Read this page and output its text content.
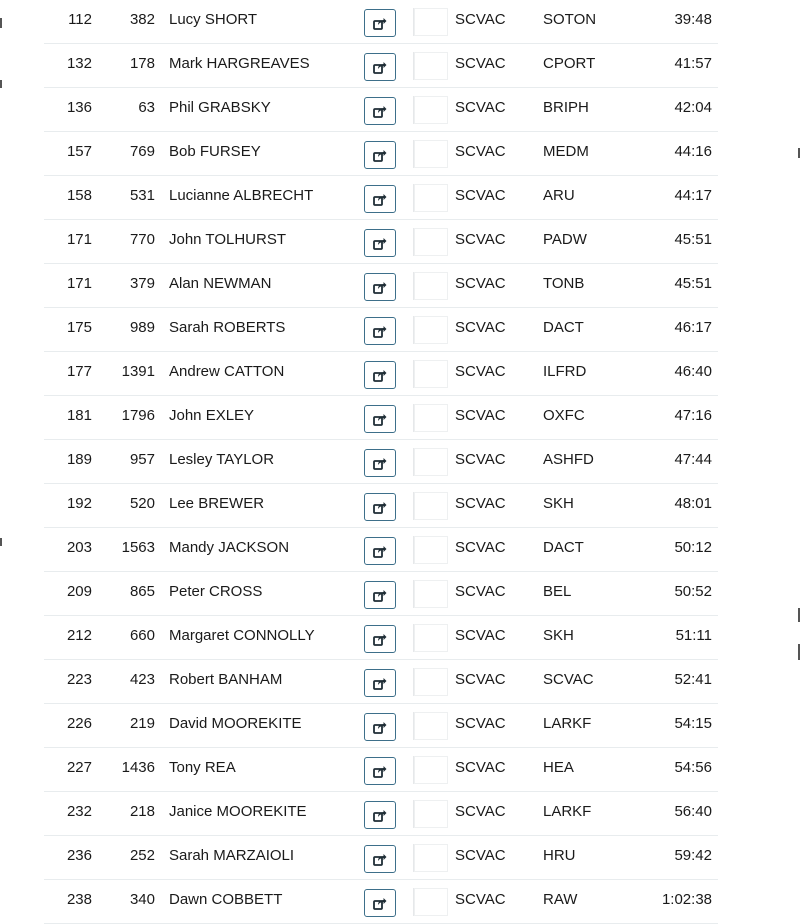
112	382 Lucy SHORT	SCVAC SOTON	39:48
132	178 Mark HARGREAVES	SCVAC CPORT	41:57
136	63 Phil GRABSKY	SCVAC BRIPH	42:04
157	769 Bob FURSEY	SCVAC MEDM	44:16
158	531 Lucianne ALBRECHT	SCVAC ARU	44:17
171	770 John TOLHURST	SCVAC PADW	45:51
171	379 Alan NEWMAN	SCVAC TONB	45:51
175	989 Sarah ROBERTS	SCVAC DACT	46:17
177	1391 Andrew CATTON	SCVAC ILFRD	46:40
181	1796 John EXLEY	SCVAC OXFC	47:16
189	957 Lesley TAYLOR	SCVAC ASHFD	47:44
192	520 Lee BREWER	SCVAC SKH	48:01
203	1563 Mandy JACKSON	SCVAC DACT	50:12
209	865 Peter CROSS	SCVAC BEL	50:52
212	660 Margaret CONNOLLY	SCVAC SKH	51:11
223	423 Robert BANHAM	SCVAC SCVAC	52:41
226	219 David MOOREKITE	SCVAC LARKF	54:15
227	1436 Tony REA	SCVAC HEA	54:56
232	218 Janice MOOREKITE	SCVAC LARKF	56:40
236	252 Sarah MARZAIOLI	SCVAC HRU	59:42
238	340 Dawn COBBETT	SCVAC RAW	1:02:38
